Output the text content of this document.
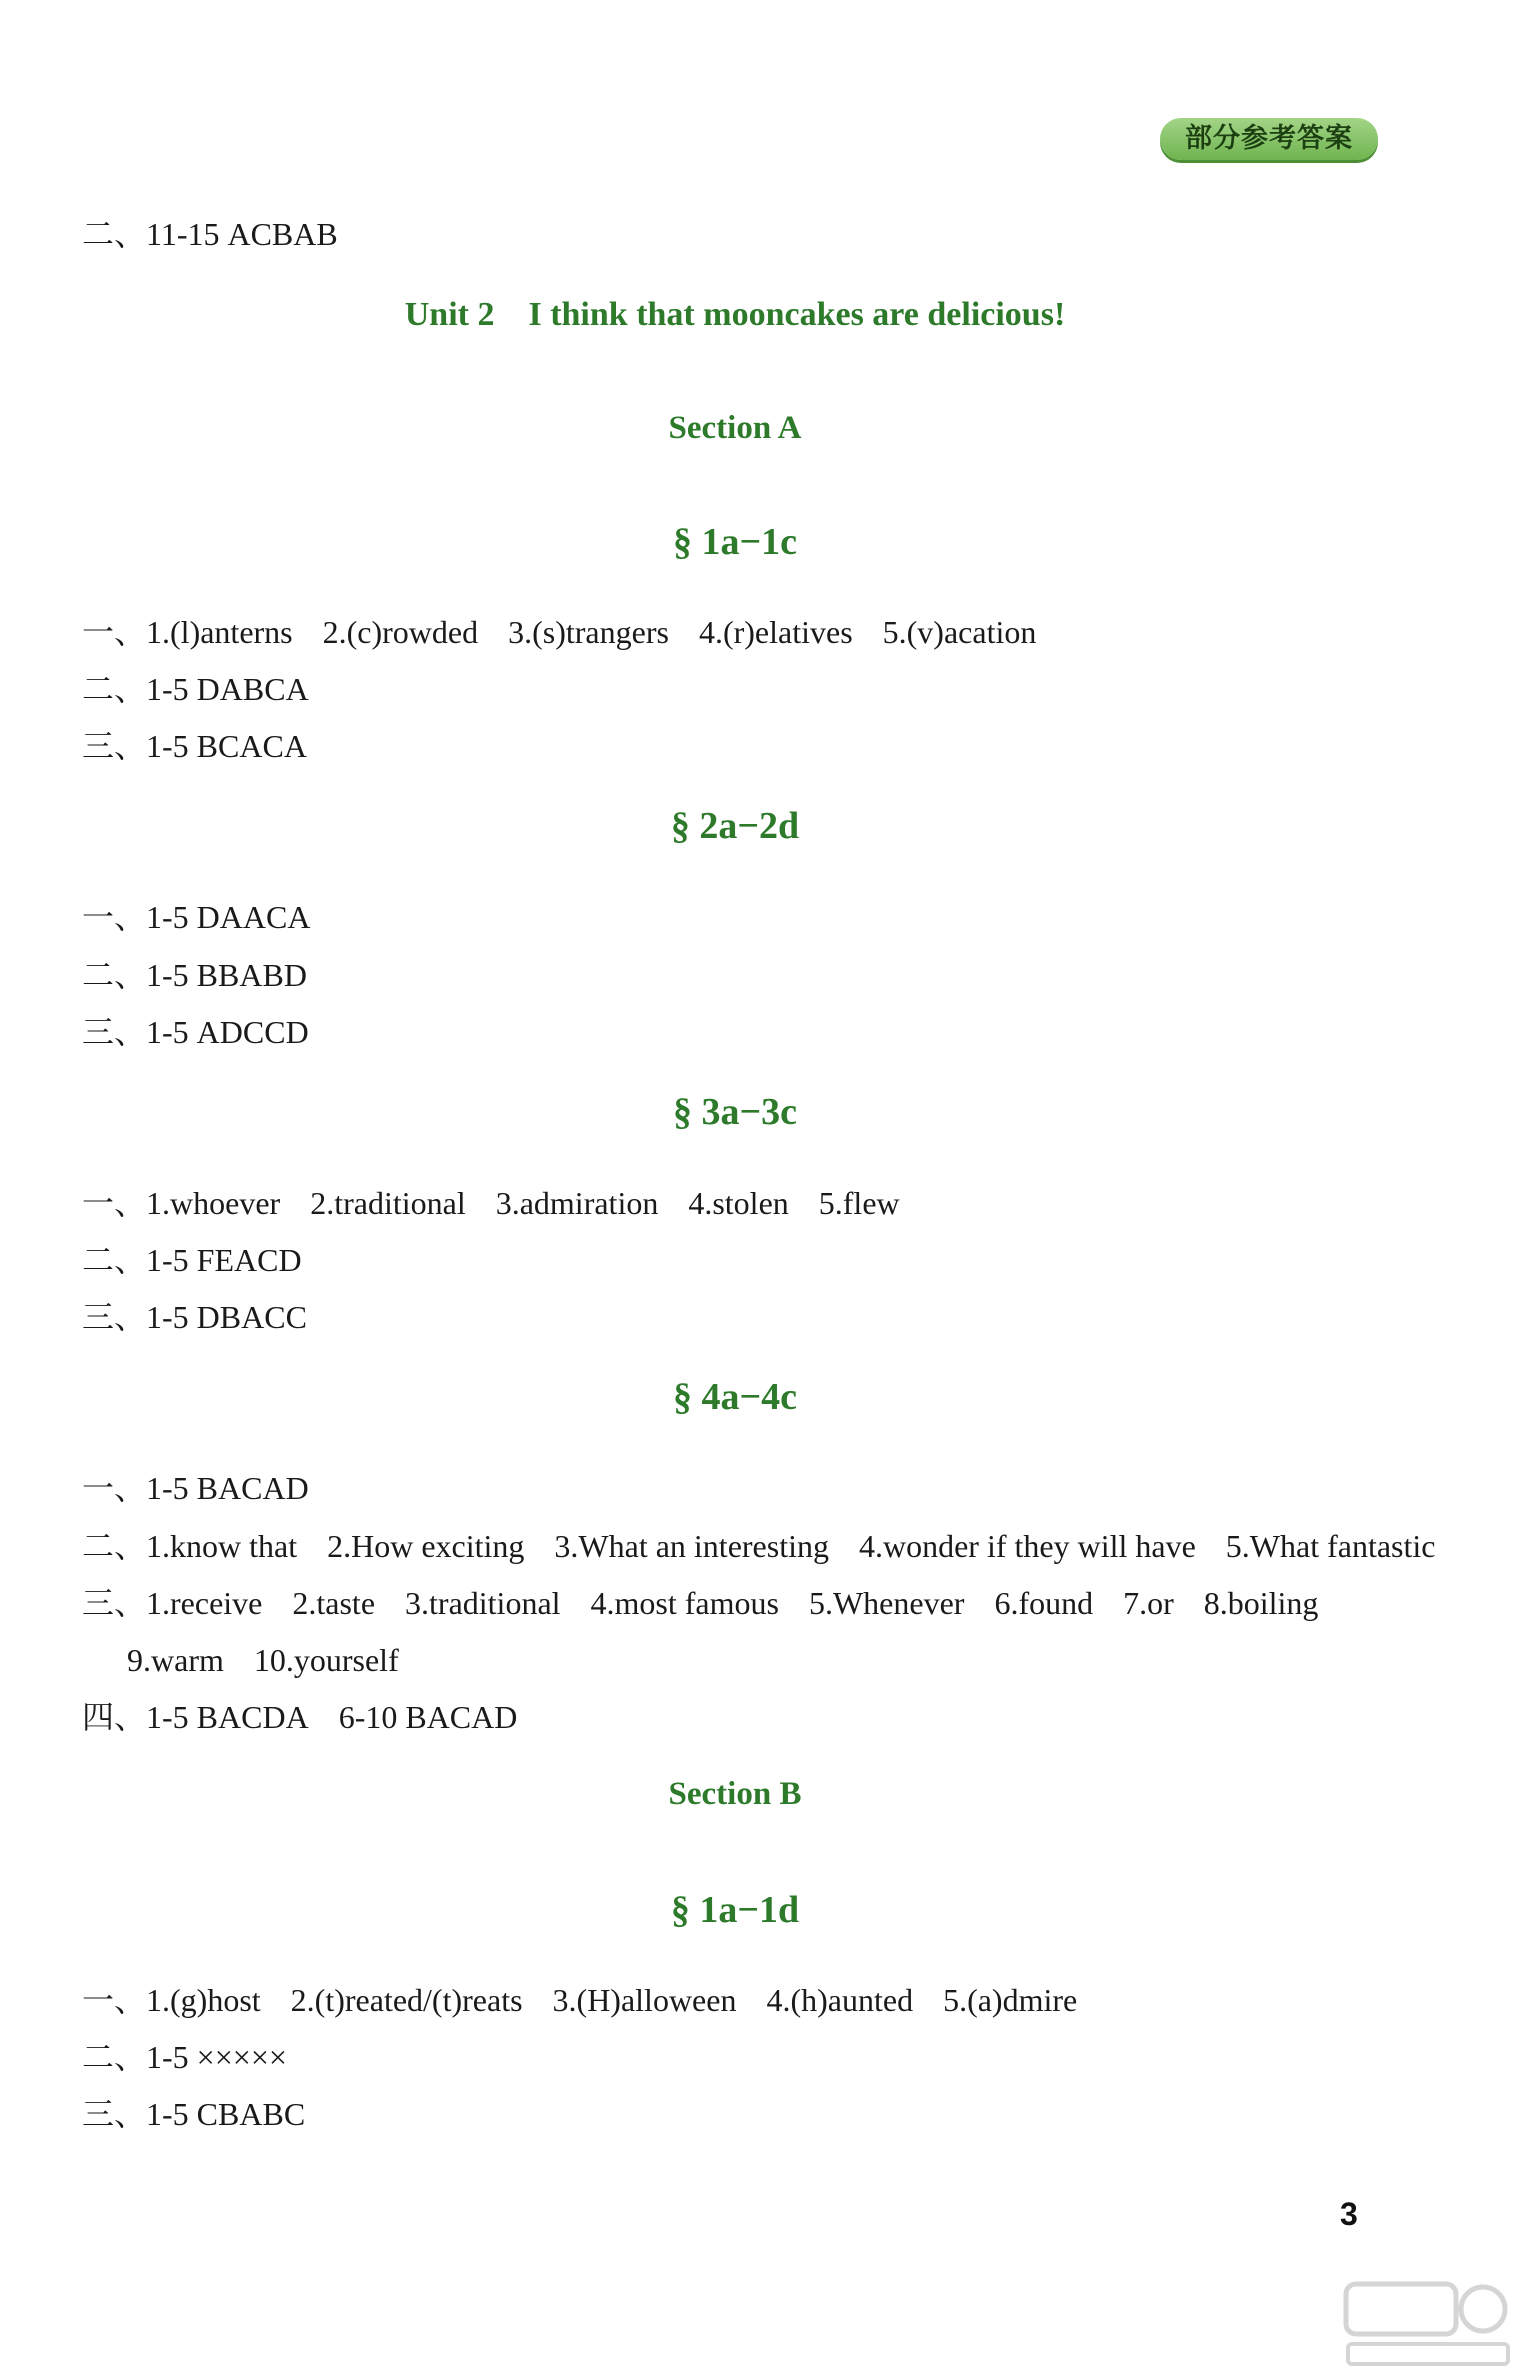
部分参考答案
二、11-15 ACBAB
Unit 2 I think that mooncakes are delicious!
Section A
§ 1a−1c
一、1.(l)anterns 2.(c)rowded 3.(s)trangers 4.(r)elatives 5.(v)acation
二、1-5 DABCA
三、1-5 BCACA
§ 2a−2d
一、1-5 DAACA
二、1-5 BBABD
三、1-5 ADCCD
§ 3a−3c
一、1.whoever 2.traditional 3.admiration 4.stolen 5.flew
二、1-5 FEACD
三、1-5 DBACC
§ 4a−4c
一、1-5 BACAD
二、1.know that 2.How exciting 3.What an interesting 4.wonder if they will have 5.What fantastic
三、1.receive 2.taste 3.traditional 4.most famous 5.Whenever 6.found 7.or 8.boiling
9.warm 10.yourself
四、1-5 BACDA 6-10 BACAD
Section B
§ 1a−1d
一、1.(g)host 2.(t)reated/(t)reats 3.(H)alloween 4.(h)aunted 5.(a)dmire
二、1-5 ×××××
三、1-5 CBABC
3
